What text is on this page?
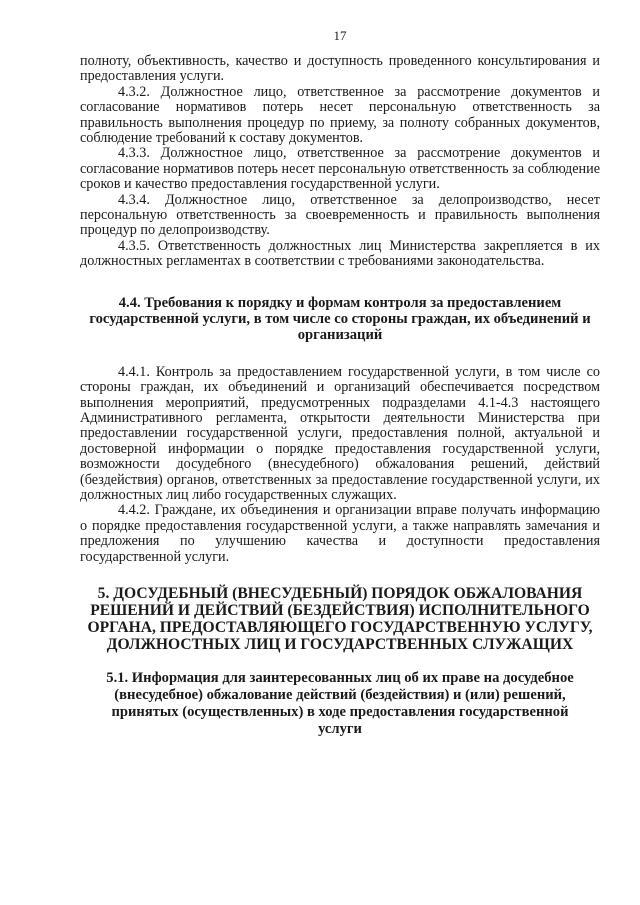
17

полноту, объективность, качество и доступность проведенного консультирования и предоставления услуги.

4.3.2. Должностное лицо, ответственное за рассмотрение документов и согласование нормативов потерь несет персональную ответственность за правильность выполнения процедур по приему, за полноту собранных документов, соблюдение требований к составу документов.

4.3.3. Должностное лицо, ответственное за рассмотрение документов и согласование нормативов потерь несет персональную ответственность за соблюдение сроков и качество предоставления государственной услуги.

4.3.4. Должностное лицо, ответственное за делопроизводство, несет персональную ответственность за своевременность и правильность выполнения процедур по делопроизводству.

4.3.5. Ответственность должностных лиц Министерства закрепляется в их должностных регламентах в соответствии с требованиями законодательства.

4.4. Требования к порядку и формам контроля за предоставлением государственной услуги, в том числе со стороны граждан, их объединений и организаций

4.4.1. Контроль за предоставлением государственной услуги, в том числе со стороны граждан, их объединений и организаций обеспечивается посредством выполнения мероприятий, предусмотренных подразделами 4.1-4.3 настоящего Административного регламента, открытости деятельности Министерства при предоставлении государственной услуги, предоставления полной, актуальной и достоверной информации о порядке предоставления государственной услуги, возможности досудебного (внесудебного) обжалования решений, действий (бездействия) органов, ответственных за предоставление государственной услуги, их должностных лиц либо государственных служащих.

4.4.2. Граждане, их объединения и организации вправе получать информацию о порядке предоставления государственной услуги, а также направлять замечания и предложения по улучшению качества и доступности предоставления государственной услуги.

5. ДОСУДЕБНЫЙ (ВНЕСУДЕБНЫЙ) ПОРЯДОК ОБЖАЛОВАНИЯ РЕШЕНИЙ И ДЕЙСТВИЙ (БЕЗДЕЙСТВИЯ) ИСПОЛНИТЕЛЬНОГО ОРГАНА, ПРЕДОСТАВЛЯЮЩЕГО ГОСУДАРСТВЕННУЮ УСЛУГУ, ДОЛЖНОСТНЫХ ЛИЦ И ГОСУДАРСТВЕННЫХ СЛУЖАЩИХ
5.1. Информация для заинтересованных лиц об их праве на досудебное (внесудебное) обжалование действий (бездействия) и (или) решений, принятых (осуществленных) в ходе предоставления государственной услуги
